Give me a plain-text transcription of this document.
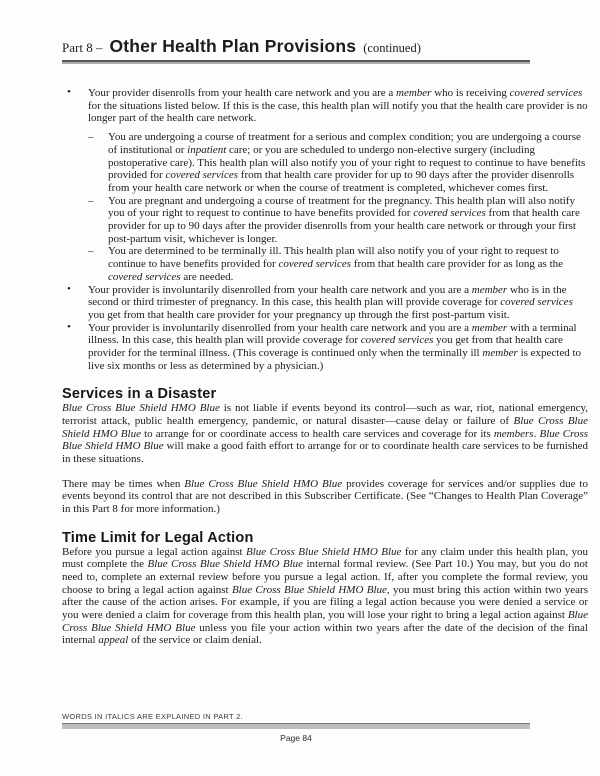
Part 8 – Other Health Plan Provisions (continued)
• Your provider disenrolls from your health care network and you are a member who is receiving covered services for the situations listed below. If this is the case, this health plan will notify you that the health care provider is no longer part of the health care network.
– You are undergoing a course of treatment for a serious and complex condition; you are undergoing a course of institutional or inpatient care; or you are scheduled to undergo non-elective surgery (including postoperative care). This health plan will also notify you of your right to request to continue to have benefits provided for covered services from that health care provider for up to 90 days after the provider disenrolls from your health care network or when the course of treatment is completed, whichever comes first.
– You are pregnant and undergoing a course of treatment for the pregnancy. This health plan will also notify you of your right to request to continue to have benefits provided for covered services from that health care provider for up to 90 days after the provider disenrolls from your health care network or through your first post-partum visit, whichever is longer.
– You are determined to be terminally ill. This health plan will also notify you of your right to request to continue to have benefits provided for covered services from that health care provider for as long as the covered services are needed.
• Your provider is involuntarily disenrolled from your health care network and you are a member who is in the second or third trimester of pregnancy. In this case, this health plan will provide coverage for covered services you get from that health care provider for your pregnancy up through the first post-partum visit.
• Your provider is involuntarily disenrolled from your health care network and you are a member with a terminal illness. In this case, this health plan will provide coverage for covered services you get from that health care provider for the terminal illness. (This coverage is continued only when the terminally ill member is expected to live six months or less as determined by a physician.)
Services in a Disaster

Blue Cross Blue Shield HMO Blue is not liable if events beyond its control—such as war, riot, national emergency, terrorist attack, public health emergency, pandemic, or natural disaster—cause delay or failure of Blue Cross Blue Shield HMO Blue to arrange for or coordinate access to health care services and coverage for its members. Blue Cross Blue Shield HMO Blue will make a good faith effort to arrange for or to coordinate health care services to be furnished in these situations.

There may be times when Blue Cross Blue Shield HMO Blue provides coverage for services and/or supplies due to events beyond its control that are not described in this Subscriber Certificate. (See “Changes to Health Plan Coverage” in this Part 8 for more information.)

Time Limit for Legal Action

Before you pursue a legal action against Blue Cross Blue Shield HMO Blue for any claim under this health plan, you must complete the Blue Cross Blue Shield HMO Blue internal formal review. (See Part 10.) You may, but you do not need to, complete an external review before you pursue a legal action. If, after you complete the formal review, you choose to bring a legal action against Blue Cross Blue Shield HMO Blue, you must bring this action within two years after the cause of the action arises. For example, if you are filing a legal action because you were denied a service or you were denied a claim for coverage from this health plan, you will lose your right to bring a legal action against Blue Cross Blue Shield HMO Blue unless you file your action within two years after the date of the decision of the final internal appeal of the service or claim denial.

WORDS IN ITALICS ARE EXPLAINED IN PART 2.
Page 84
